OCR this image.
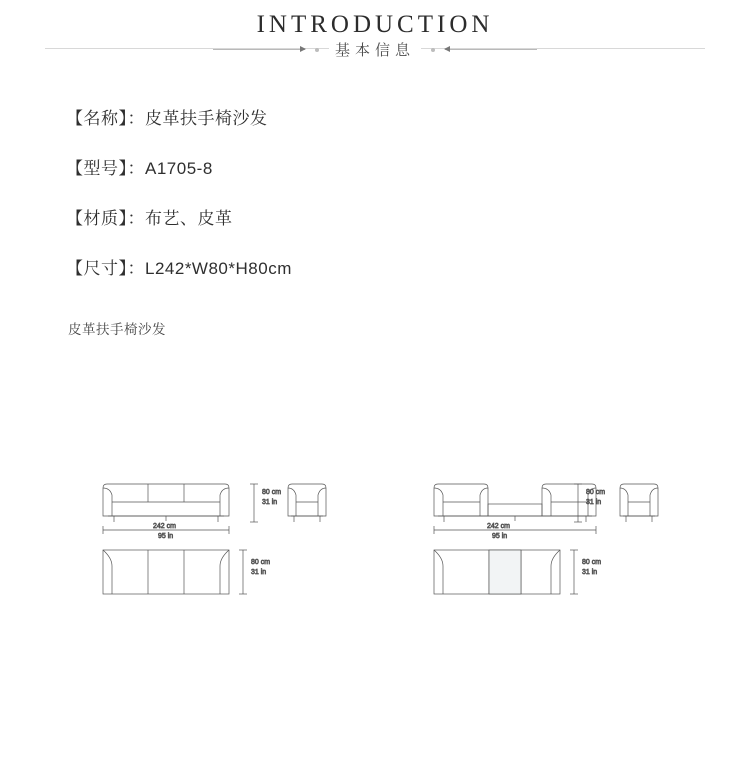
INTRODUCTION
基本信息
【名称】：皮革扶手椅沙发
【型号】：A1705-8
【材质】：布艺、皮革
【尺寸】：L242*W80*H80cm
皮革扶手椅沙发
80 cm
31 in
242 cm
95 in
80 cm
31 in
80 cm
31 in
242 cm
95 in
80 cm
31 in
